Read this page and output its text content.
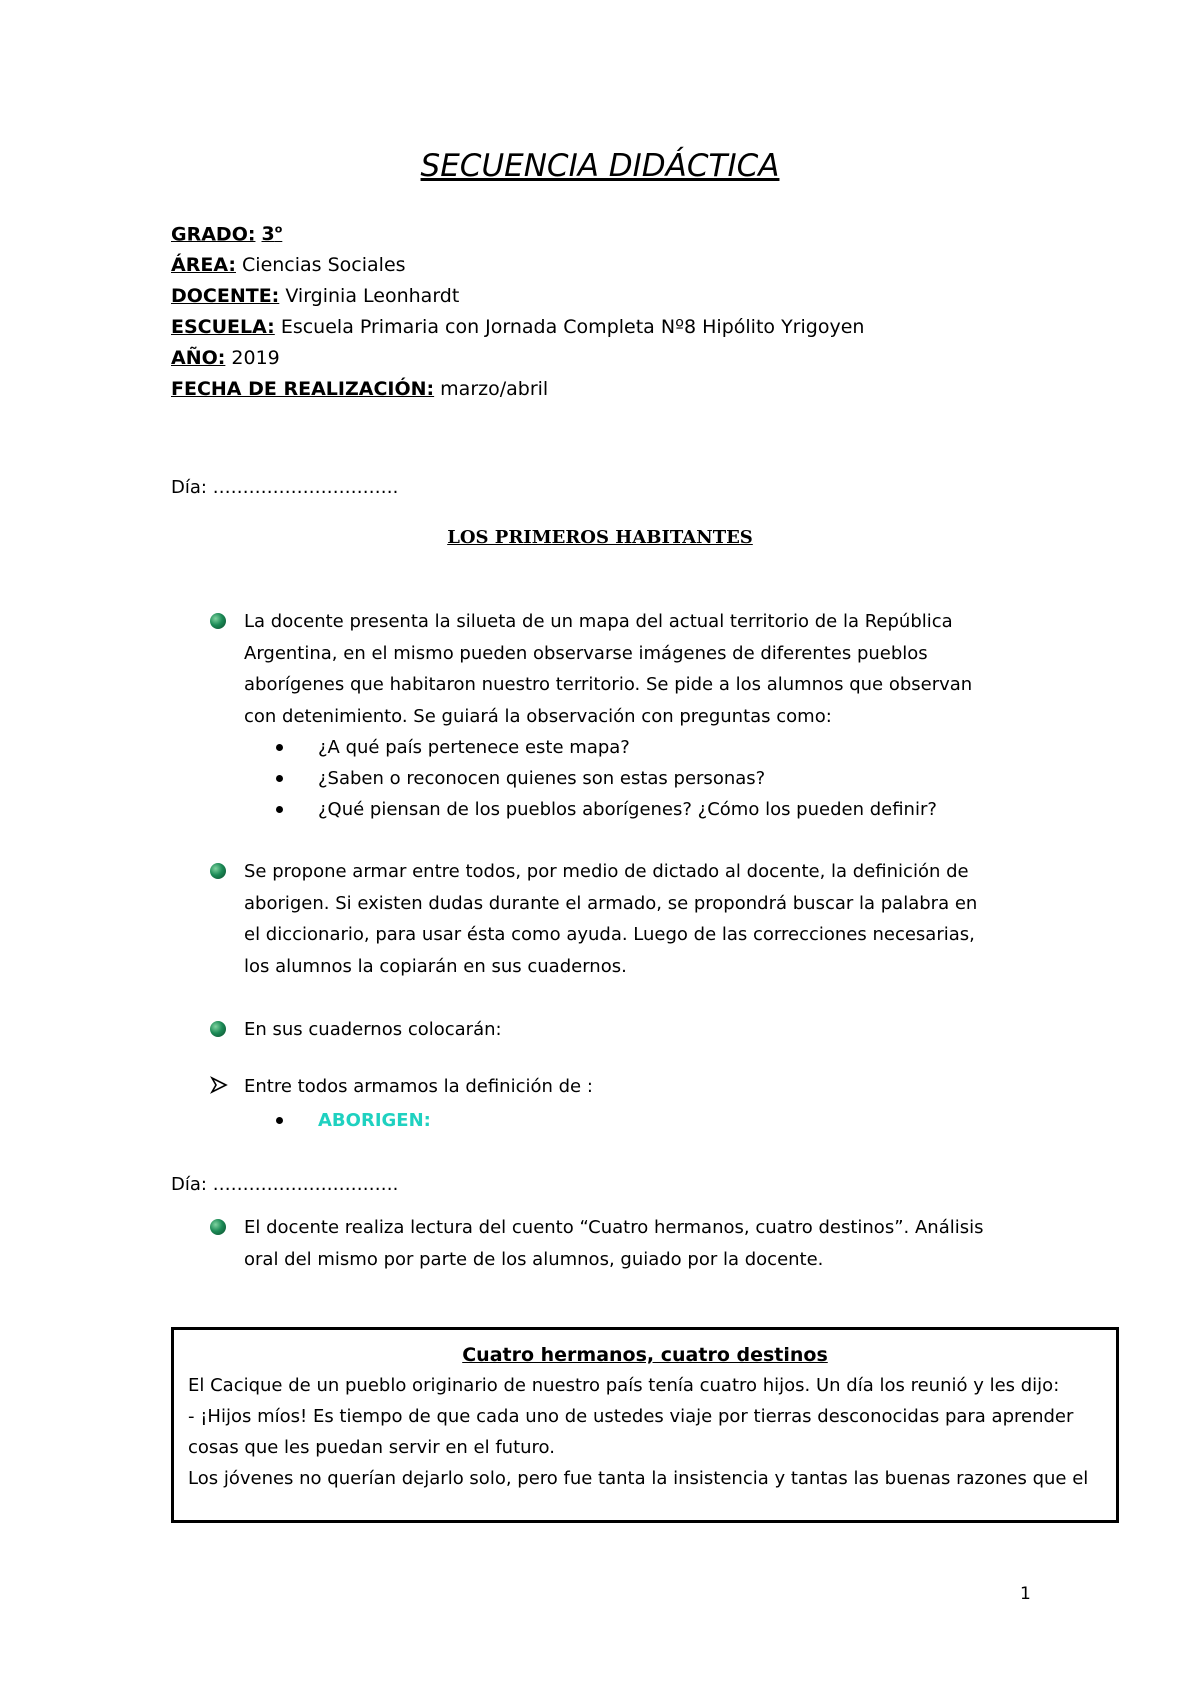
SECUENCIA DIDÁCTICA
GRADO: 3$^o$
ÁREA: Ciencias Sociales
DOCENTE: Virginia Leonhardt
ESCUELA: Escuela Primaria con Jornada Completa Nº8 Hipólito Yrigoyen
AÑO: 2019
FECHA DE REALIZACIÓN: marzo/abril
Día: ………………………….
LOS PRIMEROS HABITANTES
La docente presenta la silueta de un mapa del actual territorio de la República Argentina, en el mismo pueden observarse imágenes de diferentes pueblos aborígenes que habitaron nuestro territorio. Se pide a los alumnos que observan con detenimiento. Se guiará la observación con preguntas como:
¿A qué país pertenece este mapa?
¿Saben o reconocen quienes son estas personas?
¿Qué piensan de los pueblos aborígenes? ¿Cómo los pueden definir?
Se propone armar entre todos, por medio de dictado al docente, la definición de aborigen. Si existen dudas durante el armado, se propondrá buscar la palabra en el diccionario, para usar ésta como ayuda. Luego de las correcciones necesarias, los alumnos la copiarán en sus cuadernos.
En sus cuadernos colocarán:
Entre todos armamos la definición de :
ABORIGEN:
Día: ………………………….
El docente realiza lectura del cuento “Cuatro hermanos, cuatro destinos”. Análisis oral del mismo por parte de los alumnos, guiado por la docente.
Cuatro hermanos, cuatro destinos
El Cacique de un pueblo originario de nuestro país tenía cuatro hijos. Un día los reunió y les dijo:
- ¡Hijos míos! Es tiempo de que cada uno de ustedes viaje por tierras desconocidas para aprender
cosas que les puedan servir en el futuro.
Los jóvenes no querían dejarlo solo, pero fue tanta la insistencia y tantas las buenas razones que el
1
